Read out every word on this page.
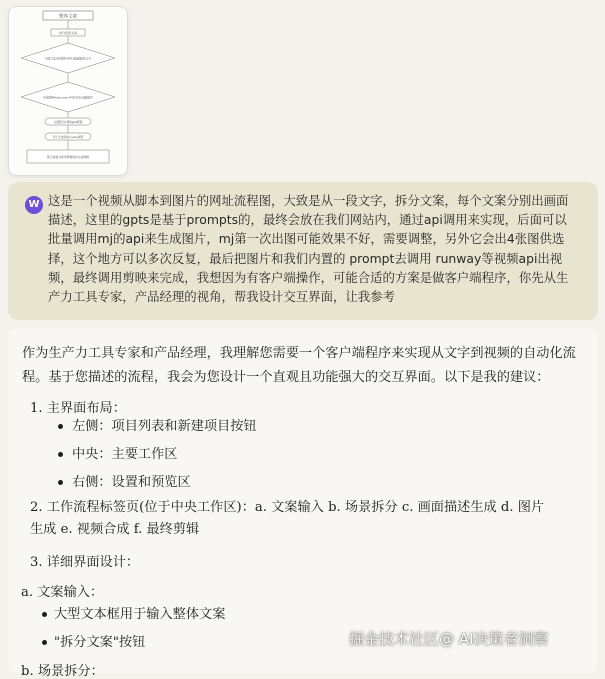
整体文案
拆分段落文案
每段文案分别调用API生成画面描述文字
分别调用MidJourney API生成对应画面图片
文案配音并调用gpts配图
用于生成视频runway调用
整合视频并使用剪辑软件完成剪辑
W 这是一个视频从脚本到图片的网址流程图，大致是从一段文字，拆分文案，每个文案分别出画面描述，这里的gpts是基于prompts的，最终会放在我们网站内，通过api调用来实现，后面可以批量调用mj的api来生成图片，mj第一次出图可能效果不好，需要调整，另外它会出4张图供选择，这个地方可以多次反复，最后把图片和我们内置的 prompt去调用 runway等视频api出视频，最终调用剪映来完成，我想因为有客户端操作，可能合适的方案是做客户端程序，你先从生产力工具专家，产品经理的视角，帮我设计交互界面，让我参考

作为生产力工具专家和产品经理，我理解您需要一个客户端程序来实现从文字到视频的自动化流程。基于您描述的流程，我会为您设计一个直观且功能强大的交互界面。以下是我的建议：

1. 主界面布局：

左侧：项目列表和新建项目按钮

中央：主要工作区

右侧：设置和预览区

2. 工作流程标签页(位于中央工作区)：a. 文案输入 b. 场景拆分 c. 画面描述生成 d. 图片生成 e. 视频合成 f. 最终剪辑

3. 详细界面设计：

a. 文案输入：

大型文本框用于输入整体文案

"拆分文案"按钮

b. 场景拆分：

掘金技术社区@ AI决策者洞察
